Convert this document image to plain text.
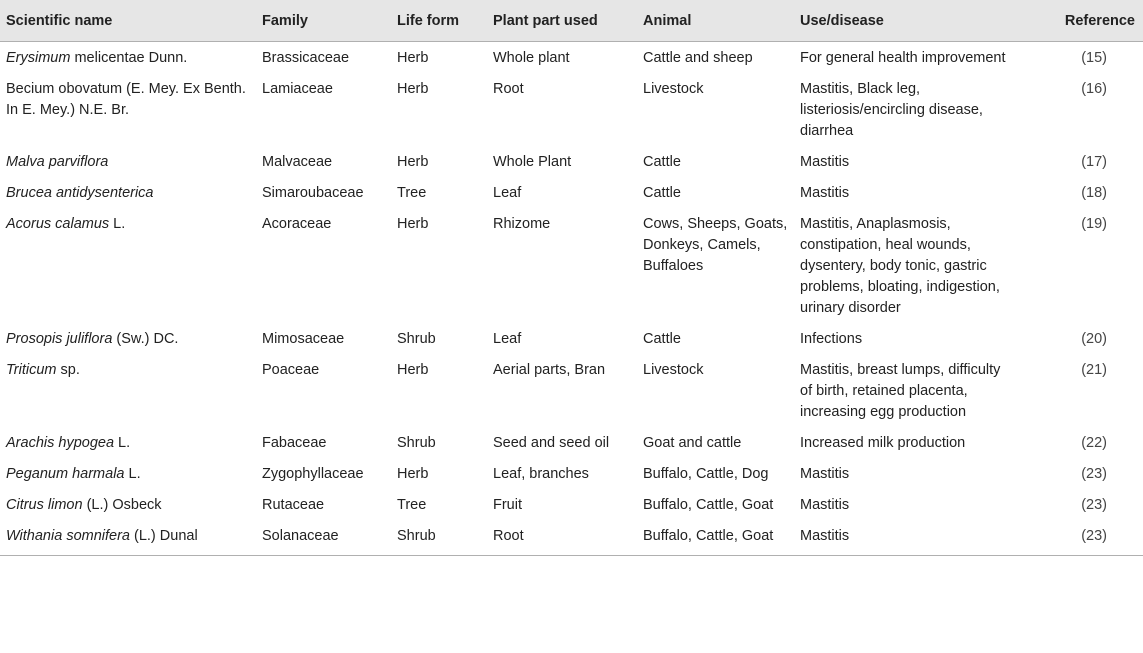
Scientific name	Family	Life form	Plant part used	Animal	Use/disease	Reference
Erysimum melicentae Dunn.	Brassicaceae	Herb	Whole plant	Cattle and sheep	For general health improvement	(15)
Becium obovatum (E. Mey. Ex Benth. In E. Mey.) N.E. Br.	Lamiaceae	Herb	Root	Livestock	Mastitis, Black leg, listeriosis/encircling disease, diarrhea	(16)
Malva parviflora	Malvaceae	Herb	Whole Plant	Cattle	Mastitis	(17)
Brucea antidysenterica	Simaroubaceae	Tree	Leaf	Cattle	Mastitis	(18)
Acorus calamus L.	Acoraceae	Herb	Rhizome	Cows, Sheeps, Goats, Donkeys, Camels, Buffaloes	Mastitis, Anaplasmosis, constipation, heal wounds, dysentery, body tonic, gastric problems, bloating, indigestion, urinary disorder	(19)
Prosopis juliflora (Sw.) DC.	Mimosaceae	Shrub	Leaf	Cattle	Infections	(20)
Triticum sp.	Poaceae	Herb	Aerial parts, Bran	Livestock	Mastitis, breast lumps, difficulty of birth, retained placenta, increasing egg production	(21)
Arachis hypogea L.	Fabaceae	Shrub	Seed and seed oil	Goat and cattle	Increased milk production	(22)
Peganum harmala L.	Zygophyllaceae	Herb	Leaf, branches	Buffalo, Cattle, Dog	Mastitis	(23)
Citrus limon (L.) Osbeck	Rutaceae	Tree	Fruit	Buffalo, Cattle, Goat	Mastitis	(23)
Withania somnifera (L.) Dunal	Solanaceae	Shrub	Root	Buffalo, Cattle, Goat	Mastitis	(23)
